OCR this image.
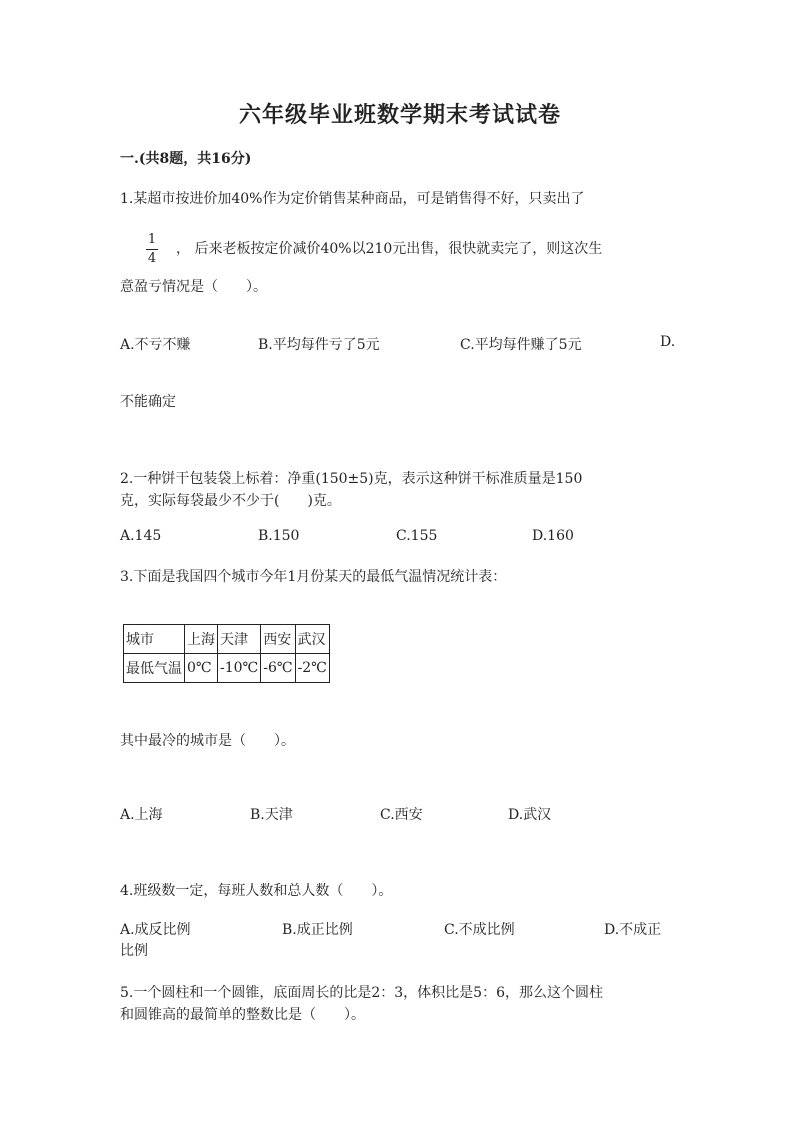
六年级毕业班数学期末考试试卷
一.(共8题，共16分)
1.某超市按进价加40%作为定价销售某种商品，可是销售得不好，只卖出了
1
4
， 后来老板按定价减价40%以210元出售，很快就卖完了，则这次生
意盈亏情况是（　　）。
A.不亏不赚	B.平均每件亏了5元	C.平均每件赚了5元	D.
不能确定
2.一种饼干包装袋上标着：净重(150±5)克，表示这种饼干标准质量是150
克，实际每袋最少不少于(　　)克。
A.145	B.150	C.155	D.160
3.下面是我国四个城市今年1月份某天的最低气温情况统计表：
城市	上海	天津	西安	武汉
最低气温	0℃	-10℃	-6℃	-2℃
其中最冷的城市是（　　）。
A.上海	B.天津	C.西安	D.武汉
4.班级数一定，每班人数和总人数（　　）。
A.成反比例	B.成正比例	C.不成比例	D.不成正
比例
5.一个圆柱和一个圆锥，底面周长的比是2：3，体积比是5：6，那么这个圆柱
和圆锥高的最简单的整数比是（　　）。
